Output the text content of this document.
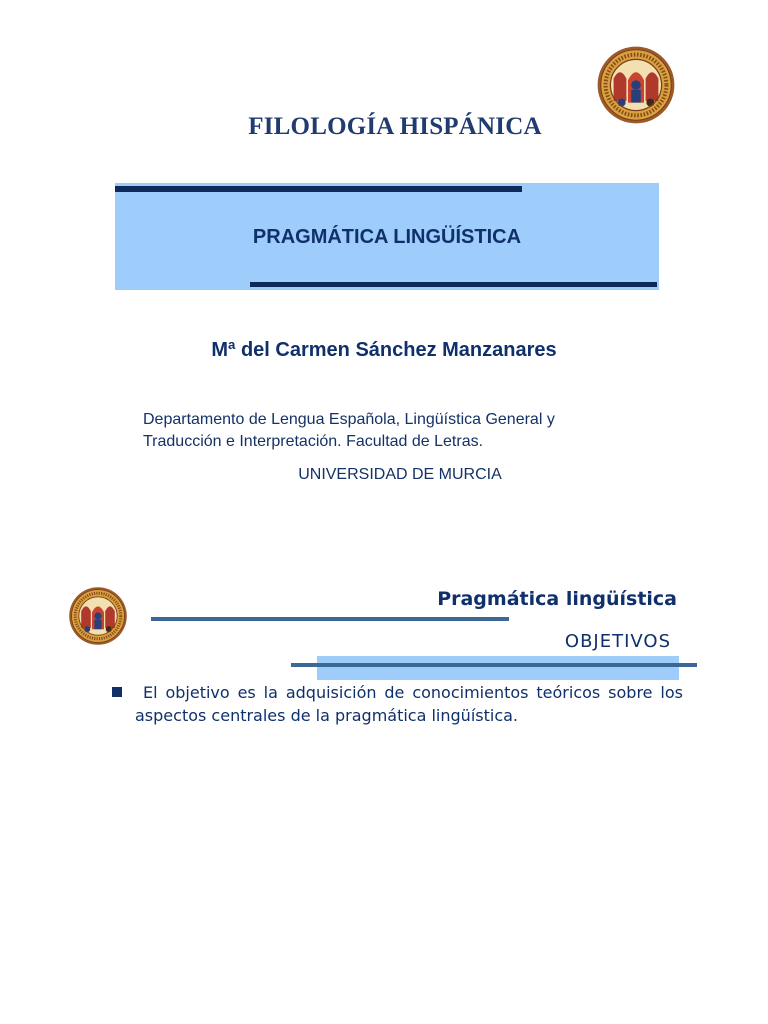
FILOLOGÍA HISPÁNICA
PRAGMÁTICA LINGÜÍSTICA
Mª del Carmen Sánchez Manzanares
Departamento de Lengua Española, Lingüística General y
Traducción e Interpretación. Facultad de Letras.
UNIVERSIDAD DE MURCIA
Pragmática lingüística
OBJETIVOS
El objetivo es la adquisición de conocimientos teóricos sobre los aspectos centrales de la pragmática lingüística.
